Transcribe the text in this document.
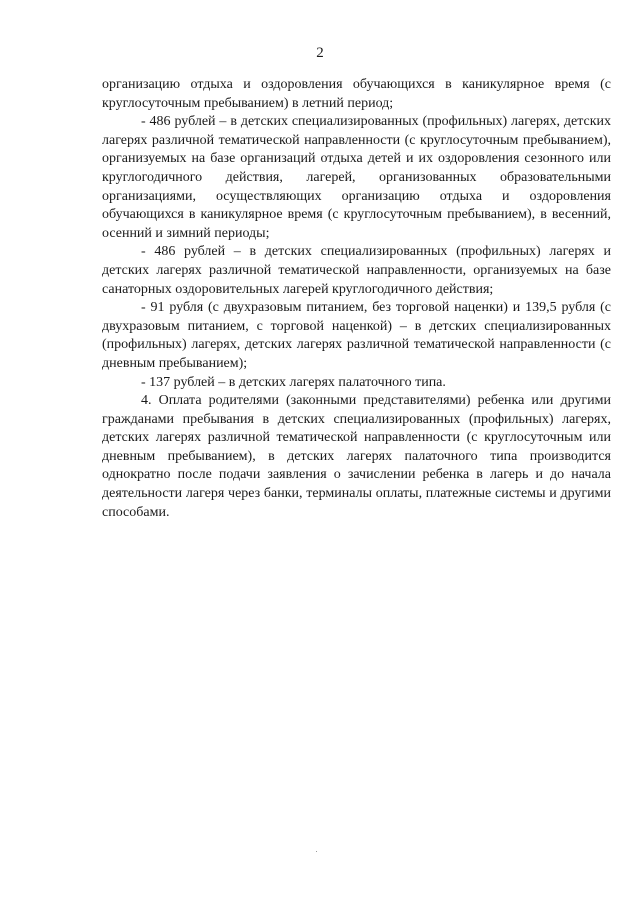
2

организацию отдыха и оздоровления обучающихся в каникулярное время (с круглосуточным пребыванием) в летний период;

- 486 рублей – в детских специализированных (профильных) лагерях, детских лагерях различной тематической направленности (с круглосуточным пребыванием), организуемых на базе организаций отдыха детей и их оздоровления сезонного или круглогодичного действия, лагерей, организованных образовательными организациями, осуществляющих организацию отдыха и оздоровления обучающихся в каникулярное время (с круглосуточным пребыванием), в весенний, осенний и зимний периоды;

- 486 рублей – в детских специализированных (профильных) лагерях и детских лагерях различной тематической направленности, организуемых на базе санаторных оздоровительных лагерей круглогодичного действия;

- 91 рубля (с двухразовым питанием, без торговой наценки) и 139,5 рубля (с двухразовым питанием, с торговой наценкой) – в детских специализированных (профильных) лагерях, детских лагерях различной тематической направленности (с дневным пребыванием);

- 137 рублей – в детских лагерях палаточного типа.

4. Оплата родителями (законными представителями) ребенка или другими гражданами пребывания в детских специализированных (профильных) лагерях, детских лагерях различной тематической направленности (с круглосуточным или дневным пребыванием), в детских лагерях палаточного типа производится однократно после подачи заявления о зачислении ребенка в лагерь и до начала деятельности лагеря через банки, терминалы оплаты, платежные системы и другими способами.
